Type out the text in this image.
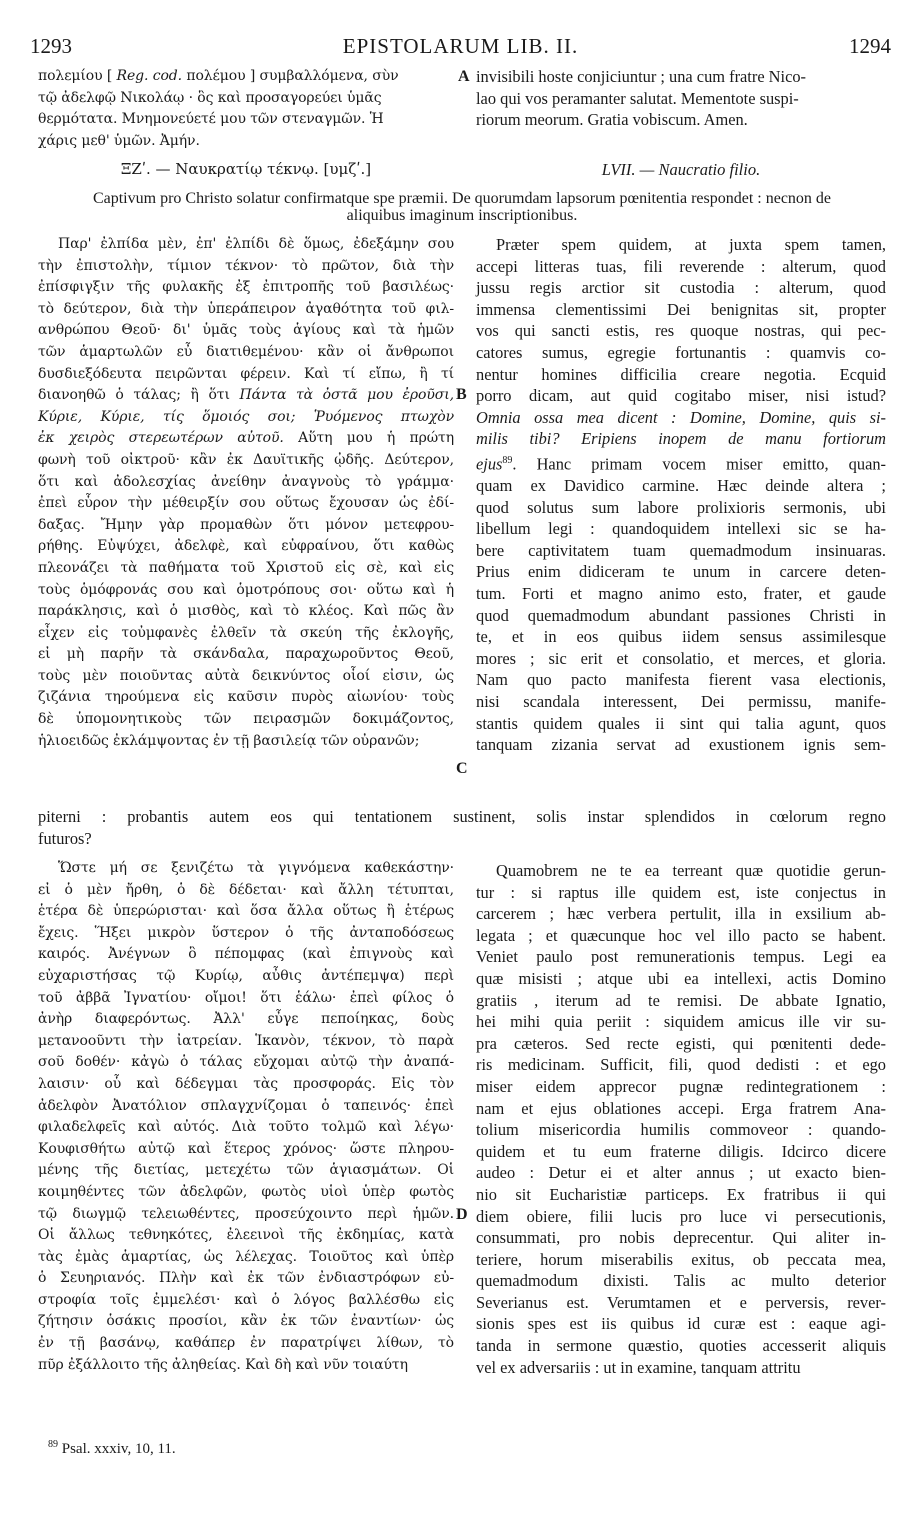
1293	EPISTOLARUM LIB. II.	1294

πολεμίου [ Reg. cod. πολέμου ] συμβαλλόμενα, σὺν

τῷ ἀδελφῷ Νικολάῳ · ὃς καὶ προσαγορεύει ὑμᾶς

θερμότατα. Μνημονεύετέ μου τῶν στεναγμῶν. Ἡ

χάρις μεθ' ὑμῶν. Ἀμήν.

A invisibili hoste conjiciuntur ; una cum fratre Nico-

lao qui vos peramanter salutat. Mementote suspi-

riorum meorum. Gratia vobiscum. Amen.

ΞΖʹ. — Ναυκρατίῳ τέκνῳ. [υμζʹ.]	LVII. — Naucratio filio.
Captivum pro Christo solatur confirmatque spe præmii. De quorumdam lapsorum pœnitentia respondet : necnon de
aliquibus imaginum inscriptionibus.

Παρ' ἐλπίδα μὲν, ἐπ' ἐλπίδι δὲ ὅμως, ἐδεξάμην σου

τὴν ἐπιστολὴν, τίμιον τέκνον· τὸ πρῶτον, διὰ τὴν

ἐπίσφιγξιν τῆς φυλακῆς ἐξ ἐπιτροπῆς τοῦ βασιλέως·

τὸ δεύτερον, διὰ τὴν ὑπεράπειρον ἀγαθότητα τοῦ φιλ-

ανθρώπου Θεοῦ· δι' ὑμᾶς τοὺς ἁγίους καὶ τὰ ἡμῶν

τῶν ἁμαρτωλῶν εὖ διατιθεμένου· κἂν οἱ ἄνθρωποι

δυσδιεξόδευτα πειρῶνται φέρειν. Καὶ τί εἴπω, ἢ τί

διανοηθῶ ὁ τάλας; ἢ ὅτι Πάντα τὰ ὀστᾶ μου ἐροῦσι,

Κύριε, Κύριε, τίς ὅμοιός σοι; Ῥυόμενος πτωχὸν

ἐκ χειρὸς στερεωτέρων αὐτοῦ. Αὕτη μου ἡ πρώτη

φωνὴ τοῦ οἰκτροῦ· κἂν ἐκ Δαυϊτικῆς ᾠδῆς. Δεύτερον,

ὅτι καὶ ἀδολεσχίας ἀνείθην ἀναγνοὺς τὸ γράμμα·

ἐπεὶ εὗρον τὴν μέθειρξίν σου οὕτως ἔχουσαν ὡς ἐδί-

δαξας. Ἤμην γὰρ προμαθὼν ὅτι μόνον μετεφρου-

ρήθης. Εὐψύχει, ἀδελφὲ, καὶ εὐφραίνου, ὅτι καθὼς

πλεονάζει τὰ παθήματα τοῦ Χριστοῦ εἰς σὲ, καὶ εἰς

τοὺς ὁμόφρονάς σου καὶ ὁμοτρόπους σοι· οὕτω καὶ ἡ

παράκλησις, καὶ ὁ μισθὸς, καὶ τὸ κλέος. Καὶ πῶς ἂν

εἶχεν εἰς τοὐμφανὲς ἐλθεῖν τὰ σκεύη τῆς ἐκλογῆς,

εἰ μὴ παρῆν τὰ σκάνδαλα, παραχωροῦντος Θεοῦ,

τοὺς μὲν ποιοῦντας αὐτὰ δεικνύντος οἷοί εἰσιν, ὡς

ζιζάνια τηρούμενα εἰς καῦσιν πυρὸς αἰωνίου· τοὺς

δὲ ὑπομονητικοὺς τῶν πειρασμῶν δοκιμάζοντος,

ἡλιοειδῶς ἐκλάμψοντας ἐν τῇ βασιλείᾳ τῶν οὐρανῶν;

Præter spem quidem, at juxta spem tamen,

accepi litteras tuas, fili reverende : alterum, quod

jussu regis arctior sit custodia : alterum, quod

immensa clementissimi Dei benignitas sit, propter

vos qui sancti estis, res quoque nostras, qui pec-

catores sumus, egregie fortunantis : quamvis co-

nentur homines difficilia creare negotia. Ecquid

porro dicam, aut quid cogitabo miser, nisi istud?

Omnia ossa mea dicent : Domine, Domine, quis si-

milis tibi? Eripiens inopem de manu fortiorum

ejus$^{89}$. Hanc primam vocem miser emitto, quan-

quam ex Davidico carmine. Hæc deinde altera ;

quod solutus sum labore prolixioris sermonis, ubi

libellum legi : quandoquidem intellexi sic se ha-

bere captivitatem tuam quemadmodum insinuaras.

Prius enim didiceram te unum in carcere deten-

tum. Forti et magno animo esto, frater, et gaude

quod quemadmodum abundant passiones Christi in

te, et in eos quibus iidem sensus assimilesque

mores ; sic erit et consolatio, et merces, et gloria.

Nam quo pacto manifesta fierent vasa electionis,

nisi scandala interessent, Dei permissu, manife-

stantis quidem quales ii sint qui talia agunt, quos

tanquam zizania servat ad exustionem ignis sem-

B
C
piterni : probantis autem eos qui tentationem sustinent, solis instar splendidos in cœlorum regno
futuros?

Ὥστε μή σε ξενιζέτω τὰ γιγνόμενα καθεκάστην·

εἰ ὁ μὲν ἤρθη, ὁ δὲ δέδεται· καὶ ἄλλη τέτυπται,

ἑτέρα δὲ ὑπερώρισται· καὶ ὅσα ἄλλα οὕτως ἢ ἑτέρως

ἔχεις. Ἥξει μικρὸν ὕστερον ὁ τῆς ἀνταποδόσεως

καιρός. Ἀνέγνων ὃ πέπομφας (καὶ ἐπιγνοὺς καὶ

εὐχαριστήσας τῷ Κυρίῳ, αὖθις ἀντέπεμψα) περὶ

τοῦ ἀββᾶ Ἰγνατίου· οἴμοι! ὅτι ἑάλω· ἐπεὶ φίλος ὁ

ἀνὴρ διαφερόντως. Ἀλλ' εὖγε πεποίηκας, δοὺς

μετανοοῦντι τὴν ἰατρείαν. Ἱκανὸν, τέκνον, τὸ παρὰ

σοῦ δοθέν· κἀγὼ ὁ τάλας εὔχομαι αὐτῷ τὴν ἀναπά-

λαισιν· οὗ καὶ δέδεγμαι τὰς προσφοράς. Εἰς τὸν

ἀδελφὸν Ἀνατόλιον σπλαγχνίζομαι ὁ ταπεινός· ἐπεὶ

φιλαδελφεῖς καὶ αὐτός. Διὰ τοῦτο τολμῶ καὶ λέγω·

Κουφισθήτω αὐτῷ καὶ ἕτερος χρόνος· ὥστε πληρου-

μένης τῆς διετίας, μετεχέτω τῶν ἁγιασμάτων. Οἱ

κοιμηθέντες τῶν ἀδελφῶν, φωτὸς υἱοὶ ὑπὲρ φωτὸς

τῷ διωγμῷ τελειωθέντες, προσεύχοιντο περὶ ἡμῶν.

Οἱ ἄλλως τεθνηκότες, ἐλεεινοὶ τῆς ἐκδημίας, κατὰ

τὰς ἐμὰς ἁμαρτίας, ὡς λέλεχας. Τοιοῦτος καὶ ὑπὲρ

ὁ Σευηριανός. Πλὴν καὶ ἐκ τῶν ἐνδιαστρόφων εὐ-

στροφία τοῖς ἐμμελέσι· καὶ ὁ λόγος βαλλέσθω εἰς

ζήτησιν ὁσάκις προσίοι, κἂν ἐκ τῶν ἐναντίων· ὡς

ἐν τῇ βασάνῳ, καθάπερ ἐν παρατρίψει λίθων, τὸ

πῦρ ἐξάλλοιτο τῆς ἀληθείας. Καὶ δὴ καὶ νῦν τοιαύτη

Quamobrem ne te ea terreant quæ quotidie gerun-

tur : si raptus ille quidem est, iste conjectus in

carcerem ; hæc verbera pertulit, illa in exsilium ab-

legata ; et quæcunque hoc vel illo pacto se habent.

Veniet paulo post remunerationis tempus. Legi ea

quæ misisti ; atque ubi ea intellexi, actis Domino

gratiis , iterum ad te remisi. De abbate Ignatio,

hei mihi quia periit : siquidem amicus ille vir su-

pra cæteros. Sed recte egisti, qui pœnitenti dede-

ris medicinam. Sufficit, fili, quod dedisti : et ego

miser eidem apprecor pugnæ redintegrationem :

nam et ejus oblationes accepi. Erga fratrem Ana-

tolium misericordia humilis commoveor : quando-

quidem et tu eum fraterne diligis. Idcirco dicere

audeo : Detur ei et alter annus ; ut exacto bien-

nio sit Eucharistiæ particeps. Ex fratribus ii qui

diem obiere, filii lucis pro luce vi persecutionis,

consummati, pro nobis deprecentur. Qui aliter in-

teriere, horum miserabilis exitus, ob peccata mea,

quemadmodum dixisti. Talis ac multo deterior

Severianus est. Verumtamen et e perversis, rever-

sionis spes est iis quibus id curæ est : eaque agi-

tanda in sermone quæstio, quoties accesserit aliquis

vel ex adversariis : ut in examine, tanquam attritu

D
$^{89}$ Psal. xxxiv, 10, 11.
